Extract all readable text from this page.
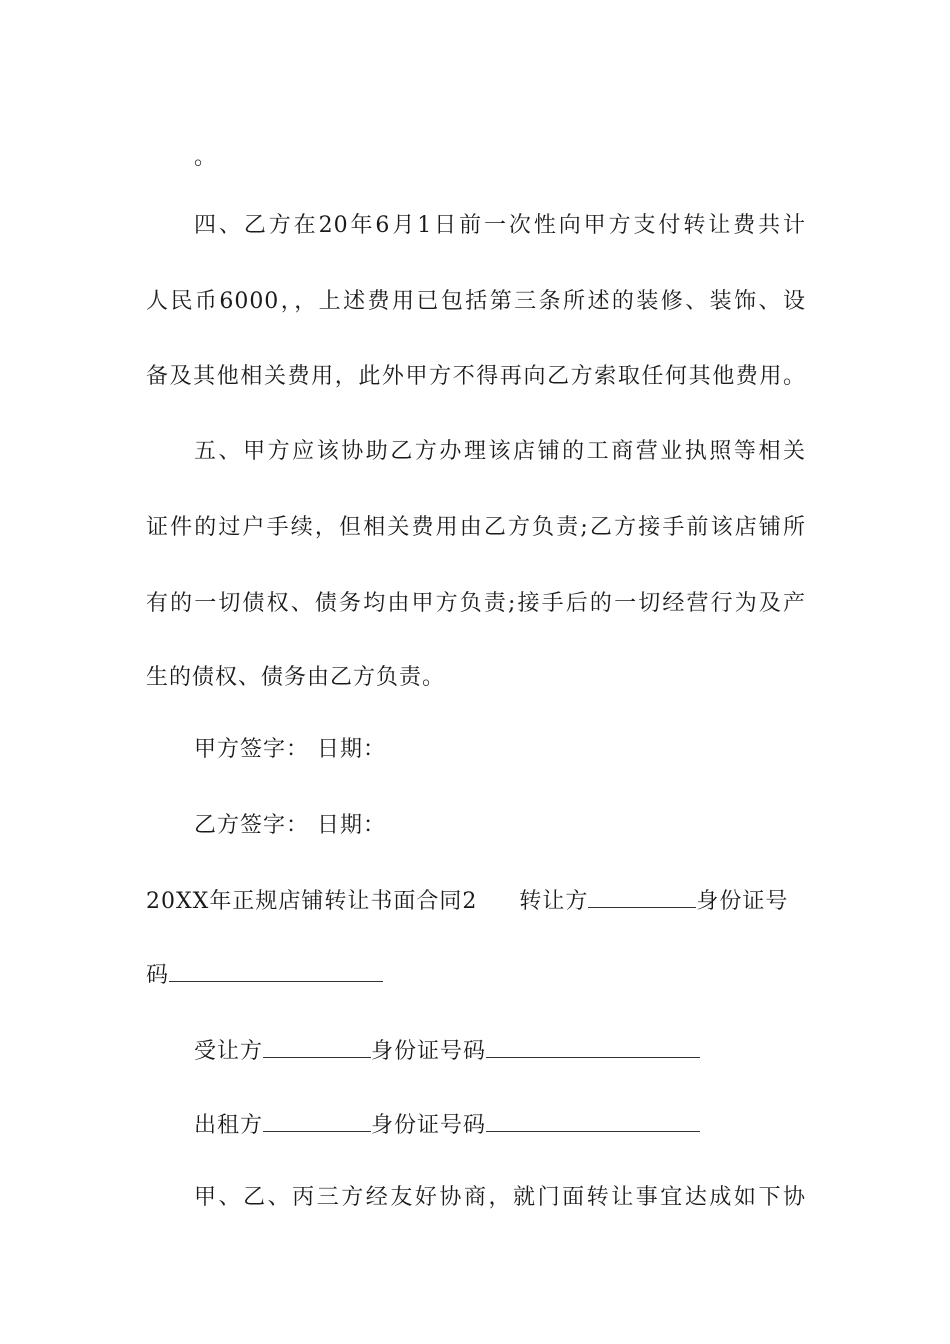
。
四、乙方在20年6月1日前一次性向甲方支付转让费共计
人民币6000，，上述费用已包括第三条所述的装修、装饰、设
备及其他相关费用，此外甲方不得再向乙方索取任何其他费用。
五、甲方应该协助乙方办理该店铺的工商营业执照等相关
证件的过户手续，但相关费用由乙方负责;乙方接手前该店铺所
有的一切债权、债务均由甲方负责;接手后的一切经营行为及产
生的债权、债务由乙方负责。
甲方签字： 日期：
乙方签字： 日期：
20XX年正规店铺转让书面合同2 转让方	身份证号
码
受让方	身份证号码
出租方	身份证号码
甲、乙、丙三方经友好协商，就门面转让事宜达成如下协
